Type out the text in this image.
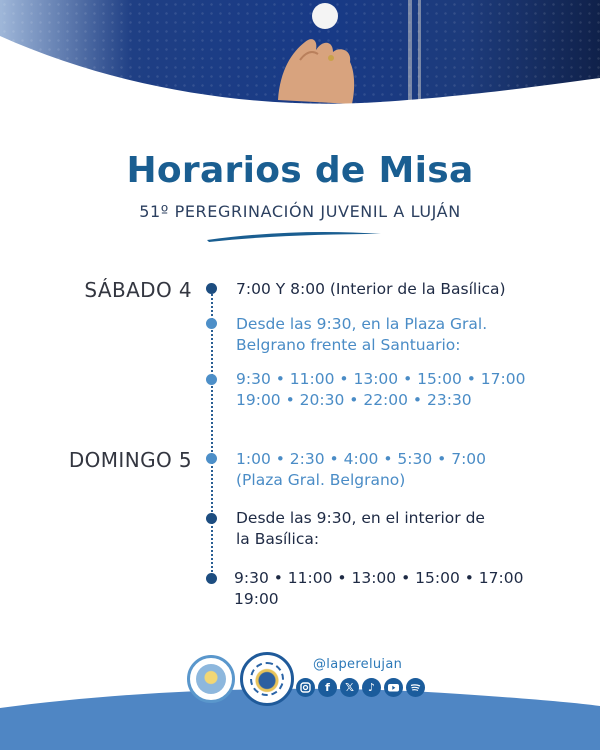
Horarios de Misa
51º PEREGRINACIÓN JUVENIL A LUJÁN
SÁBADO 4	7:00 Y 8:00 (Interior de la Basílica)
Desde las 9:30, en la Plaza Gral.
Belgrano frente al Santuario:
9:30 • 11:00 • 13:00 • 15:00 • 17:00
19:00 • 20:30 • 22:00 • 23:30
DOMINGO 5	1:00 • 2:30 • 4:00 • 5:30 • 7:00
(Plaza Gral. Belgrano)
Desde las 9:30, en el interior de
la Basílica:
9:30 • 11:00 • 13:00 • 15:00 • 17:00
19:00
@laperelujan
f	𝕏	♪
